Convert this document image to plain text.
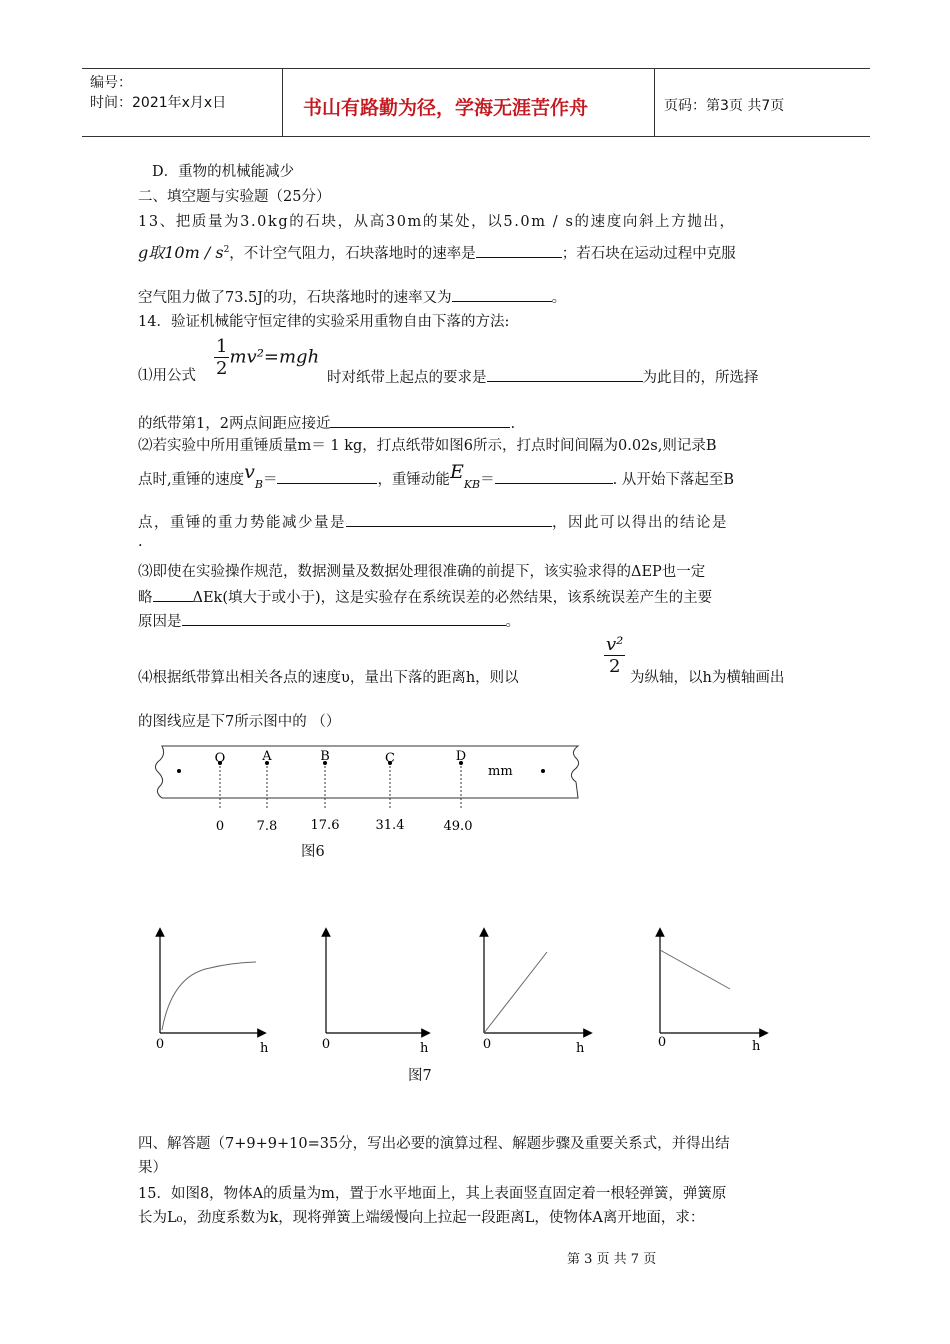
编号：
时间：2021年x月x日	书山有路勤为径，学海无涯苦作舟	页码：第3页 共7页
D．重物的机械能减少
二、填空题与实验题（25分）
13、把质量为3.0kg的石块，从高30m的某处，以5.0m / s的速度向斜上方抛出，
g取$10m / s^2$，不计空气阻力，石块落地时的速率是	；若石块在运动过程中克服
空气阻力做了73.5J的功，石块落地时的速率又为	。
14．验证机械能守恒定律的实验采用重物自由下落的方法:
$\frac{1}{2} mv^2=mgh$
⑴用公式	时对纸带上起点的要求是	为此目的，所选择
的纸带第1，2两点间距应接近	.
⑵若实验中所用重锤质量m＝ 1 kg，打点纸带如图6所示，打点时间间隔为0.02s,则记录B
点时,重锤的速度$v_B=$	，重锤动能$E_{KB}=$	. 从开始下落起至B
点，重锤的重力势能减少量是	，因此可以得出的结论是
.
⑶即使在实验操作规范，数据测量及数据处理很准确的前提下，该实验求得的ΔEP也一定
略	ΔEk(填大于或小于)，这是实验存在系统误差的必然结果，该系统误差产生的主要
原因是	。
$\frac{\text{v²}}{2}$
⑷根据纸带算出相关各点的速度υ，量出下落的距离h，则以	为纵轴，以h为横轴画出
的图线应是下7所示图中的 （）
O	A	B	C	D
mm
0	7.8	17.6	31.4	49.0
图6
0	h	0	h	0	h	0	h
图7
四、解答题（7+9+9+10=35分，写出必要的演算过程、解题步骤及重要关系式，并得出结
果）
15．如图8，物体A的质量为m，置于水平地面上，其上表面竖直固定着一根轻弹簧，弹簧原
长为L₀，劲度系数为k，现将弹簧上端缓慢向上拉起一段距离L，使物体A离开地面，求：
第 3 页 共 7 页
